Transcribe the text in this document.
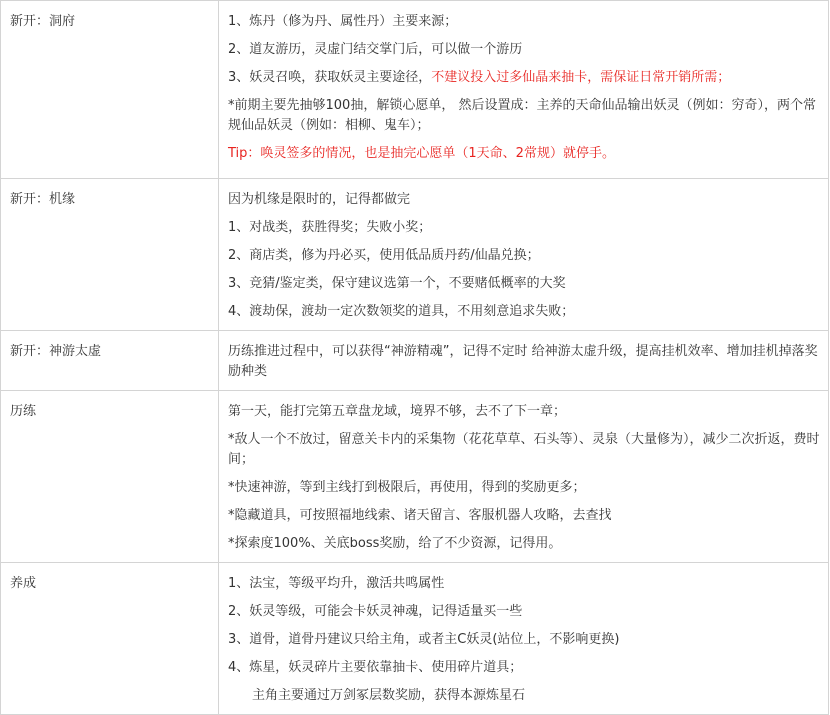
新开：洞府	1、炼丹（修为丹、属性丹）主要来源；
2、道友游历，灵虚门结交掌门后，可以做一个游历
3、妖灵召唤，获取妖灵主要途径，不建议投入过多仙晶来抽卡，需保证日常开销所需；
*前期主要先抽够100抽，解锁心愿单， 然后设置成：主养的天命仙品输出妖灵（例如：穷奇），两个常规仙品妖灵（例如：相柳、鬼车）；
Tip：唤灵签多的情况，也是抽完心愿单（1天命、2常规）就停手。

新开：机缘	因为机缘是限时的，记得都做完
1、对战类，获胜得奖；失败小奖；
2、商店类，修为丹必买，使用低品质丹药/仙晶兑换；
3、竞猜/鉴定类，保守建议选第一个，不要赌低概率的大奖
4、渡劫保，渡劫一定次数领奖的道具，不用刻意追求失败；

新开：神游太虚	历练推进过程中，可以获得“神游精魂”，记得不定时 给神游太虚升级，提高挂机效率、增加挂机掉落奖励种类

历练	第一天，能打完第五章盘龙域，境界不够，去不了下一章；
*敌人一个不放过，留意关卡内的采集物（花花草草、石头等）、灵泉（大量修为），减少二次折返，费时间；
*快速神游，等到主线打到极限后，再使用，得到的奖励更多；
*隐藏道具，可按照福地线索、诸天留言、客服机器人攻略，去查找
*探索度100%、关底boss奖励，给了不少资源，记得用。

养成	1、法宝，等级平均升，激活共鸣属性
2、妖灵等级，可能会卡妖灵神魂，记得适量买一些
3、道骨，道骨丹建议只给主角，或者主C妖灵(站位上，不影响更换)
4、炼星，妖灵碎片主要依靠抽卡、使用碎片道具；
主角主要通过万剑冢层数奖励，获得本源炼星石
